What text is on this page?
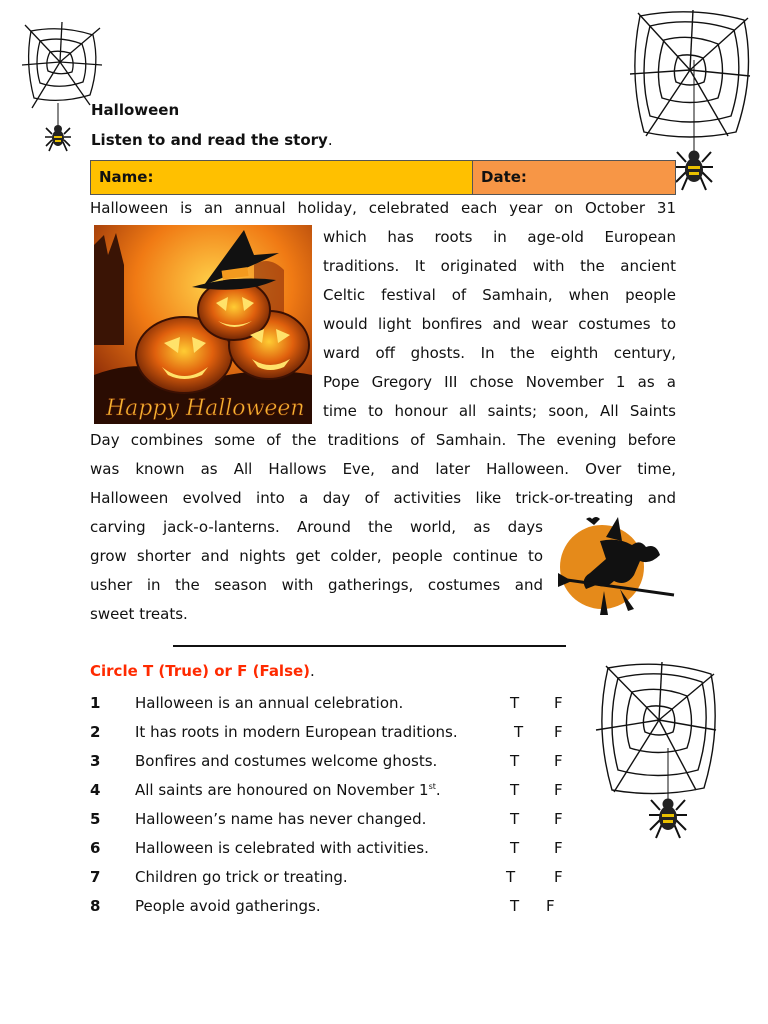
Halloween
Listen to and read the story.
Name:	Date:
Halloween is an annual holiday, celebrated each year on October 31
Happy Halloween
which has roots in age-old European
traditions. It originated with the ancient
Celtic festival of Samhain, when people
would light bonfires and wear costumes to
ward off ghosts. In the eighth century,
Pope Gregory III chose November 1 as a
time to honour all saints; soon, All Saints
Day combines some of the traditions of Samhain. The evening before
was known as All Hallows Eve, and later Halloween. Over time,
Halloween evolved into a day of activities like trick-or-treating and
carving jack-o-lanterns. Around the world, as days
grow shorter and nights get colder, people continue to
usher in the season with gatherings, costumes and
sweet treats.
Circle T (True) or F (False).
1 Halloween is an annual celebration.	T F
2 It has roots in modern European traditions.	T F
3 Bonfires and costumes welcome ghosts.	T F
4 All saints are honoured on November 1st.	T F
5 Halloween’s name has never changed.	T F
6 Halloween is celebrated with activities.	T F
7 Children go trick or treating.	T	F
8 People avoid gatherings.	T F
